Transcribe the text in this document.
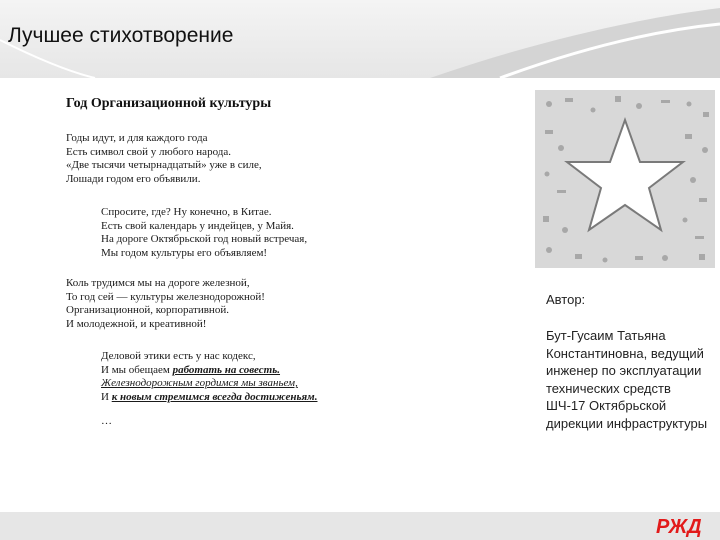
Лучшее стихотворение
Год Организационной культуры
Годы идут, и для каждого года
Есть символ свой у любого народа.
«Две тысячи четырнадцатый» уже в силе,
Лошади годом его объявили.
Спросите, где? Ну конечно, в Китае.
Есть свой календарь у индейцев, у Майя.
На дороге Октябрьской год новый встречая,
Мы годом культуры его объявляем!
Коль трудимся мы на дороге железной,
То год сей — культуры железнодорожной!
Организационной, корпоративной.
И молодежной, и креативной!
Деловой этики есть у нас кодекс,
И мы обещаем работать на совесть.
Железнодорожным гордимся мы званьем,
И к новым стремимся всегда достиженьям.
…
Автор:
Бут-Гусаим Татьяна Константиновна, ведущий инженер по эксплуатации технических средств ШЧ-17 Октябрьской дирекции инфраструктуры
РЖД
